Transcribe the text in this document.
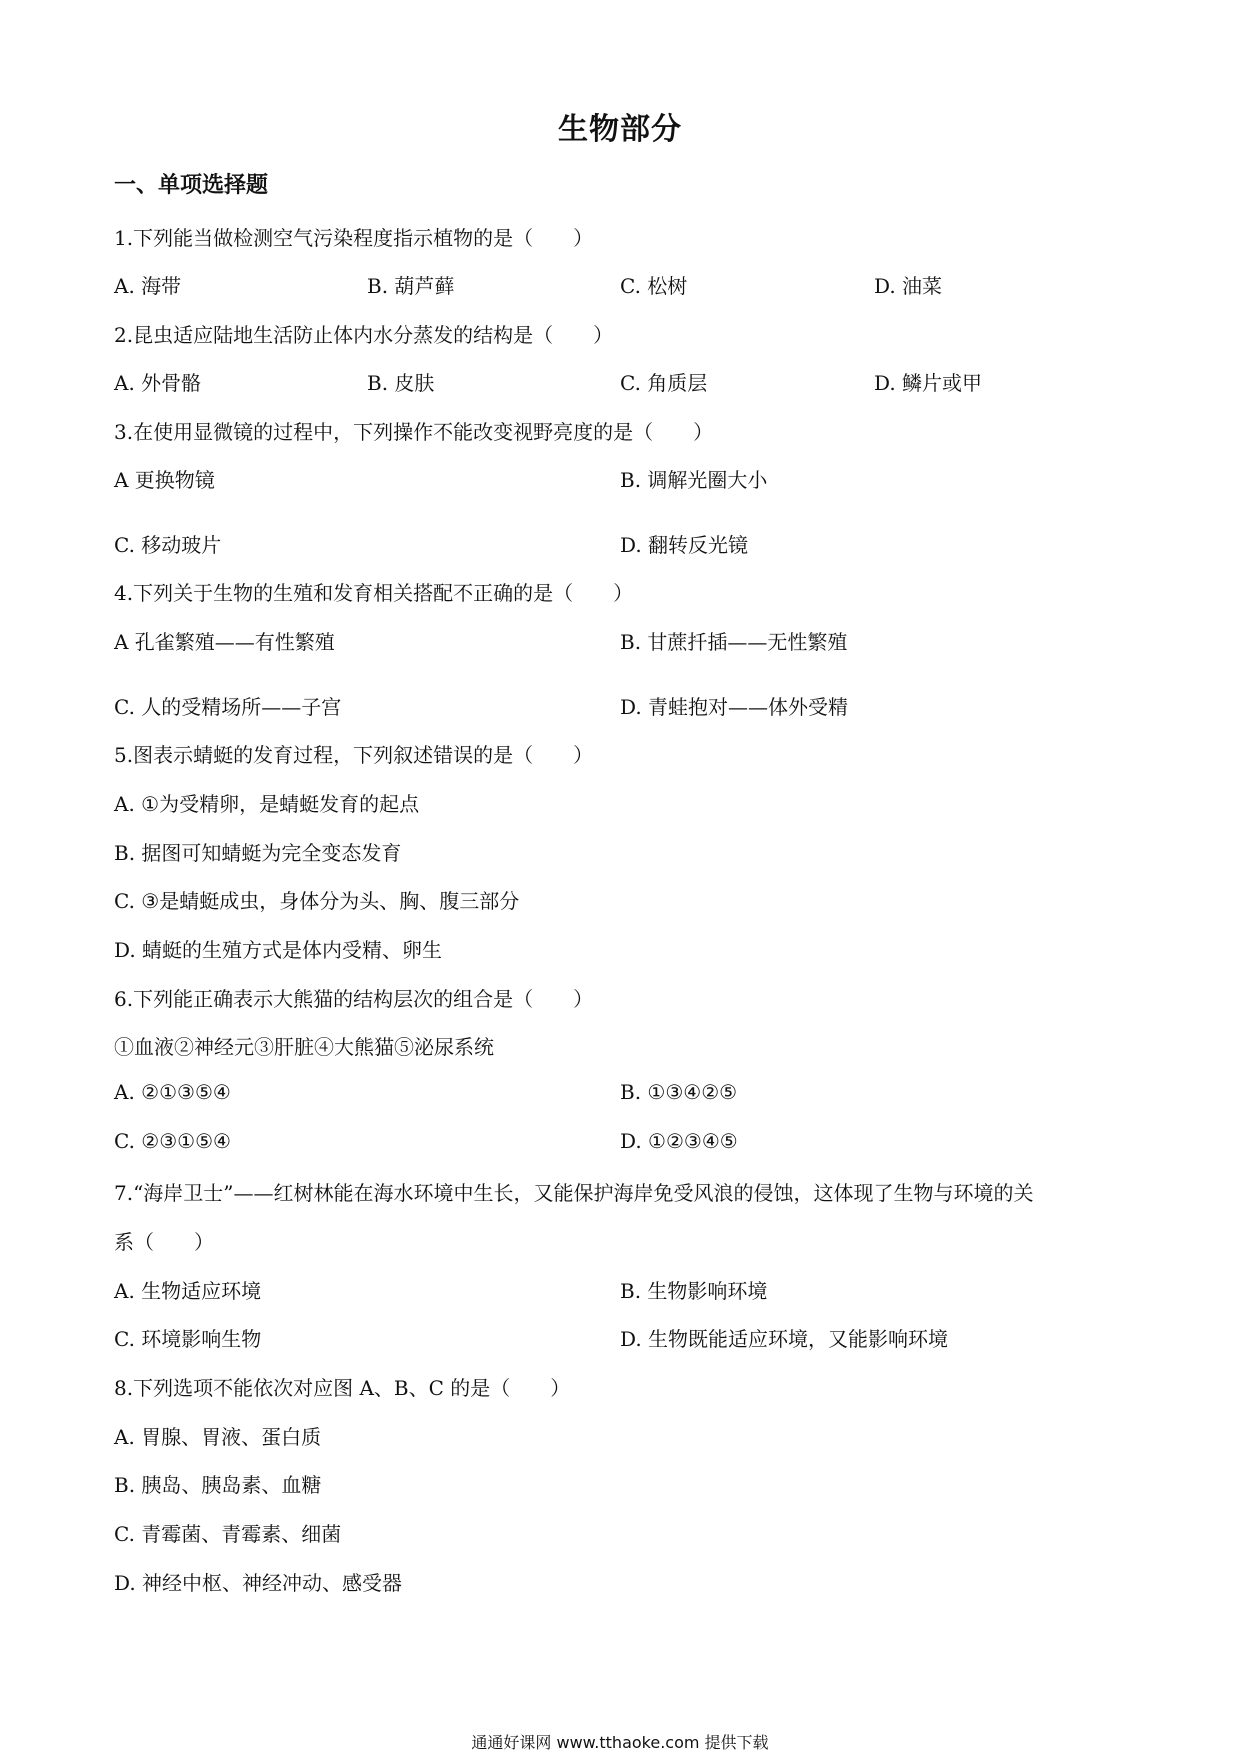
生物部分
一、单项选择题
1.下列能当做检测空气污染程度指示植物的是（　　）
A. 海带	B. 葫芦藓	C. 松树	D. 油菜
2.昆虫适应陆地生活防止体内水分蒸发的结构是（　　）
A. 外骨骼	B. 皮肤	C. 角质层	D. 鳞片或甲
3.在使用显微镜的过程中，下列操作不能改变视野亮度的是（　　）
A 更换物镜	B. 调解光圈大小
C. 移动玻片	D. 翻转反光镜
4.下列关于生物的生殖和发育相关搭配不正确的是（　　）
A 孔雀繁殖——有性繁殖	B. 甘蔗扦插——无性繁殖
C. 人的受精场所——子宫	D. 青蛙抱对——体外受精
5.图表示蜻蜓的发育过程，下列叙述错误的是（　　）
A. ①为受精卵，是蜻蜓发育的起点
B. 据图可知蜻蜓为完全变态发育
C. ③是蜻蜓成虫，身体分为头、胸、腹三部分
D. 蜻蜓的生殖方式是体内受精、卵生
6.下列能正确表示大熊猫的结构层次的组合是（　　）
①血液②神经元③肝脏④大熊猫⑤泌尿系统
A. ②①③⑤④	B. ①③④②⑤
C. ②③①⑤④	D. ①②③④⑤
7.“海岸卫士”——红树林能在海水环境中生长，又能保护海岸免受风浪的侵蚀，这体现了生物与环境的关
系（　　）
A. 生物适应环境	B. 生物影响环境
C. 环境影响生物	D. 生物既能适应环境，又能影响环境
8.下列选项不能依次对应图 A、B、C 的是（　　）
A. 胃腺、胃液、蛋白质
B. 胰岛、胰岛素、血糖
C. 青霉菌、青霉素、细菌
D. 神经中枢、神经冲动、感受器
通通好课网 www.tthaoke.com 提供下载
